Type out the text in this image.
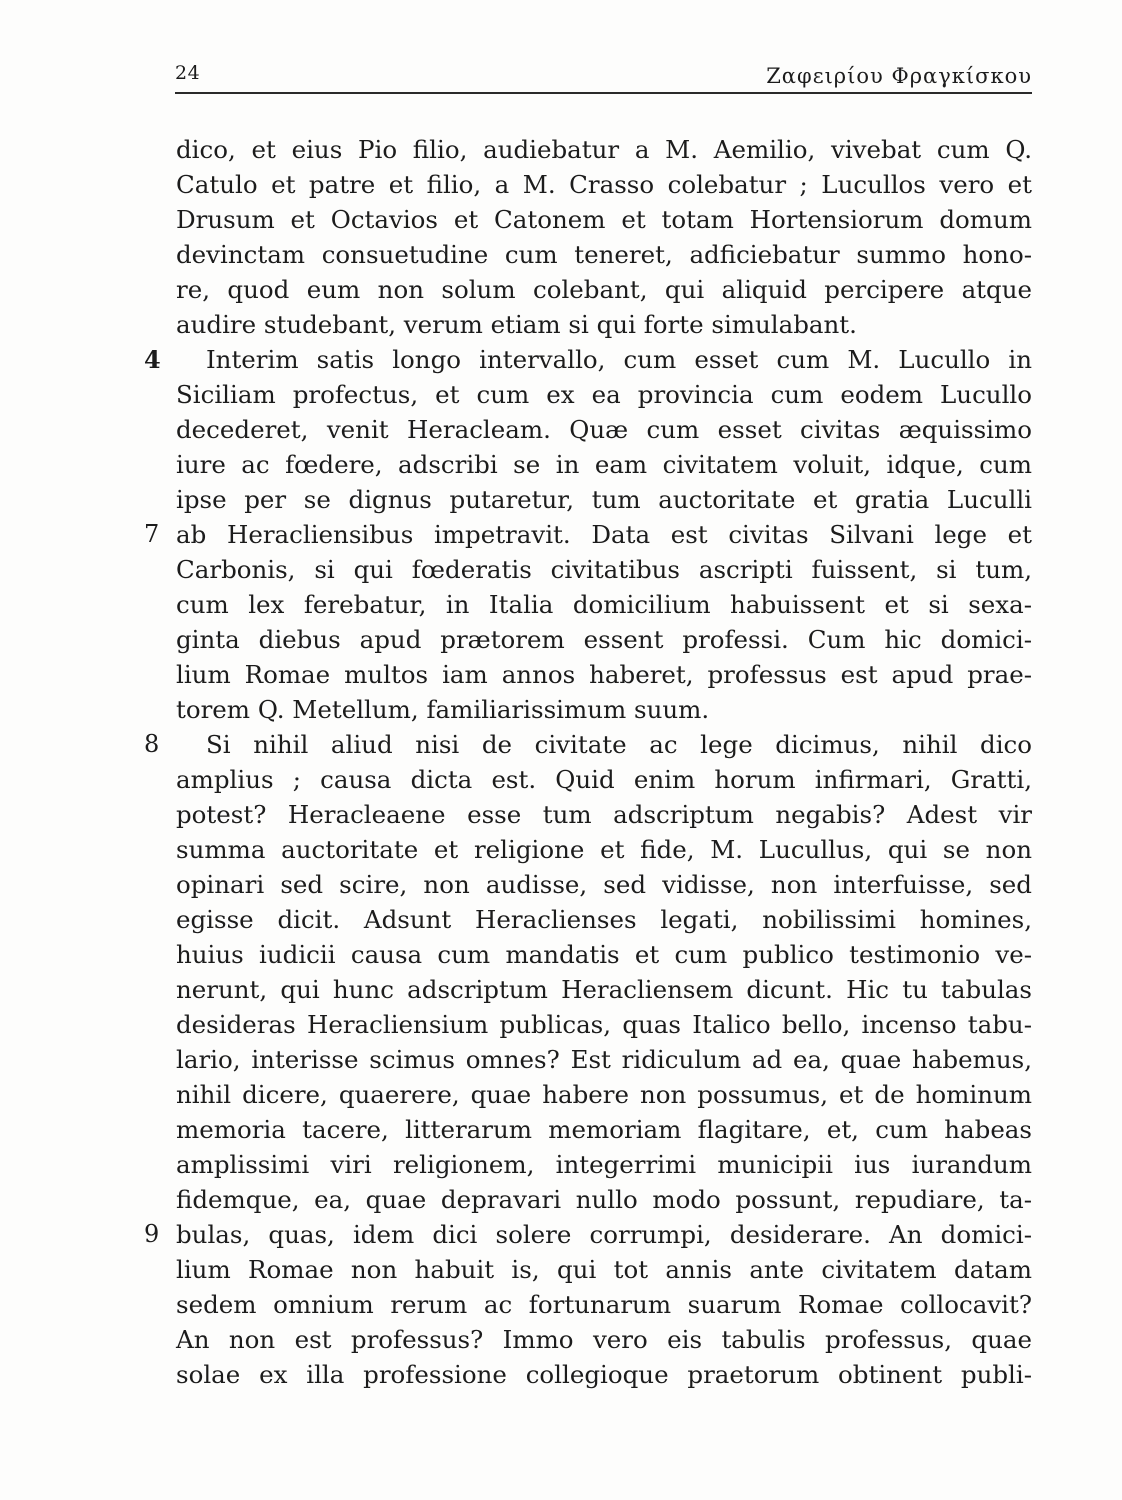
24	Ζαφειρίου Φραγκίσκου
dico, et eius Pio filio, audiebatur a M. Aemilio, vivebat cum Q.
Catulo et patre et filio, a M. Crasso colebatur ; Lucullos vero et
Drusum et Octavios et Catonem et totam Hortensiorum domum
devinctam consuetudine cum teneret, adficiebatur summo hono-
re, quod eum non solum colebant, qui aliquid percipere atque
audire studebant, verum etiam si qui forte simulabant.
4 Interim satis longo intervallo, cum esset cum M. Lucullo in
Siciliam profectus, et cum ex ea provincia cum eodem Lucullo
decederet, venit Heracleam. Quæ cum esset civitas æquissimo
iure ac fœdere, adscribi se in eam civitatem voluit, idque, cum
ipse per se dignus putaretur, tum auctoritate et gratia Luculli
7 ab Heracliensibus impetravit. Data est civitas Silvani lege et
Carbonis, si qui fœderatis civitatibus ascripti fuissent, si tum,
cum lex ferebatur, in Italia domicilium habuissent et si sexa-
ginta diebus apud prætorem essent professi. Cum hic domici-
lium Romae multos iam annos haberet, professus est apud prae-
torem Q. Metellum, familiarissimum suum.
8	Si nihil aliud nisi de civitate ac lege dicimus, nihil dico
amplius ; causa dicta est. Quid enim horum infirmari, Gratti,
potest? Heracleaene esse tum adscriptum negabis? Adest vir
summa auctoritate et religione et fide, M. Lucullus, qui se non
opinari sed scire, non audisse, sed vidisse, non interfuisse, sed
egisse dicit. Adsunt Heraclienses legati, nobilissimi homines,
huius iudicii causa cum mandatis et cum publico testimonio ve-
nerunt, qui hunc adscriptum Heracliensem dicunt. Hic tu tabulas
desideras Heracliensium publicas, quas Italico bello, incenso tabu-
lario, interisse scimus omnes? Est ridiculum ad ea, quae habemus,
nihil dicere, quaerere, quae habere non possumus, et de hominum
memoria tacere, litterarum memoriam flagitare, et, cum habeas
amplissimi viri religionem, integerrimi municipii ius iurandum
fidemque, ea, quae depravari nullo modo possunt, repudiare, ta-
9 bulas, quas, idem dici solere corrumpi, desiderare. An domici-
lium Romae non habuit is, qui tot annis ante civitatem datam
sedem omnium rerum ac fortunarum suarum Romae collocavit?
An non est professus? Immo vero eis tabulis professus, quae
solae ex illa professione collegioque praetorum obtinent publi-
